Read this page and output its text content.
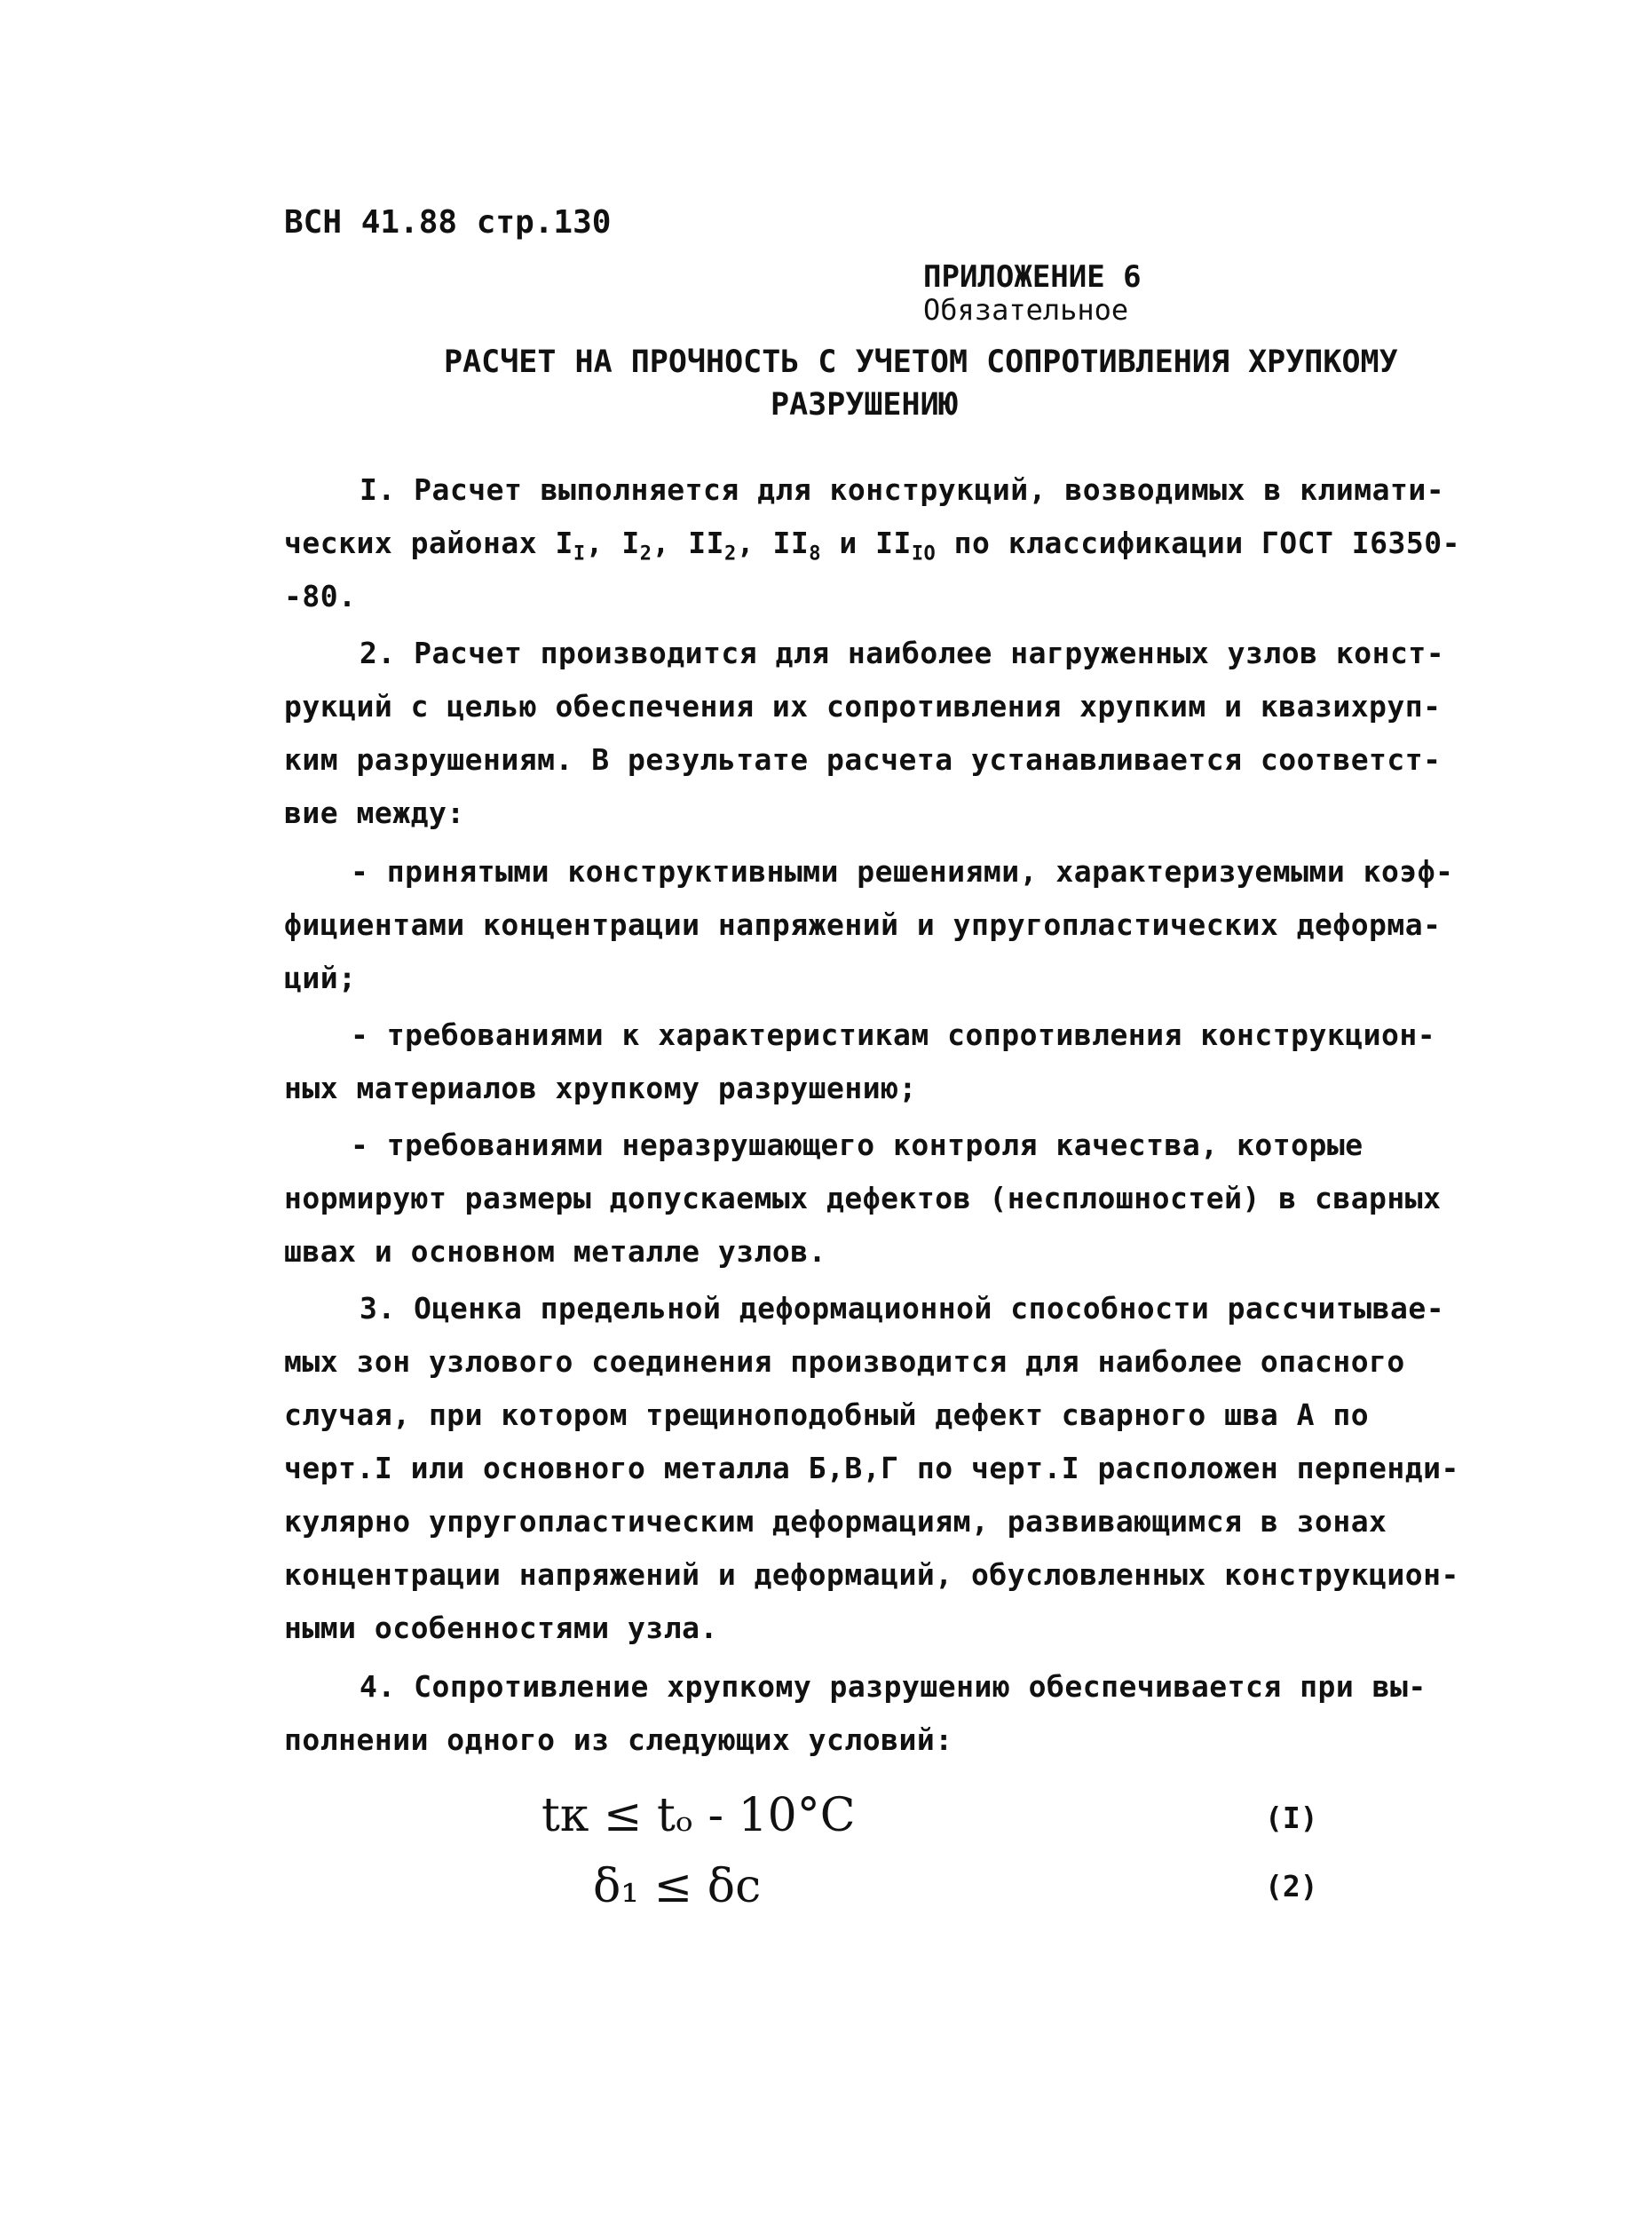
ВСН 41.88 стр.130
ПРИЛОЖЕНИЕ 6
Обязательное
РАСЧЕТ НА ПРОЧНОСТЬ С УЧЕТОМ СОПРОТИВЛЕНИЯ ХРУПКОМУ
РАЗРУШЕНИЮ
I. Расчет выполняется для конструкций, возводимых в климати-
ческих районах $I_I$, $I_2$, $II_2$, $II_8$ и $II_{IO}$ по классификации ГОСТ I6350-
-80.
2. Расчет производится для наиболее нагруженных узлов конст-
рукций с целью обеспечения их сопротивления хрупким и квазихруп-
ким разрушениям. В результате расчета устанавливается соответст-
вие между:
- принятыми конструктивными решениями, характеризуемыми коэф-
фициентами концентрации напряжений и упругопластических деформа-
ций;
- требованиями к характеристикам сопротивления конструкцион-
ных материалов хрупкому разрушению;
- требованиями неразрушающего контроля качества, которые
нормируют размеры допускаемых дефектов (несплошностей) в сварных
швах и основном металле узлов.
3. Оценка предельной деформационной способности рассчитывае-
мых зон узлового соединения производится для наиболее опасного
случая, при котором трещиноподобный дефект сварного шва А по
черт.I или основного металла Б,В,Г по черт.I расположен перпенди-
кулярно упругопластическим деформациям, развивающимся в зонах
концентрации напряжений и деформаций, обусловленных конструкцион-
ными особенностями узла.
4. Сопротивление хрупкому разрушению обеспечивается при вы-
полнении одного из следующих условий:
tк ≤ tₒ - 10°C	(I)
δ₁ ≤ δc	(2)
